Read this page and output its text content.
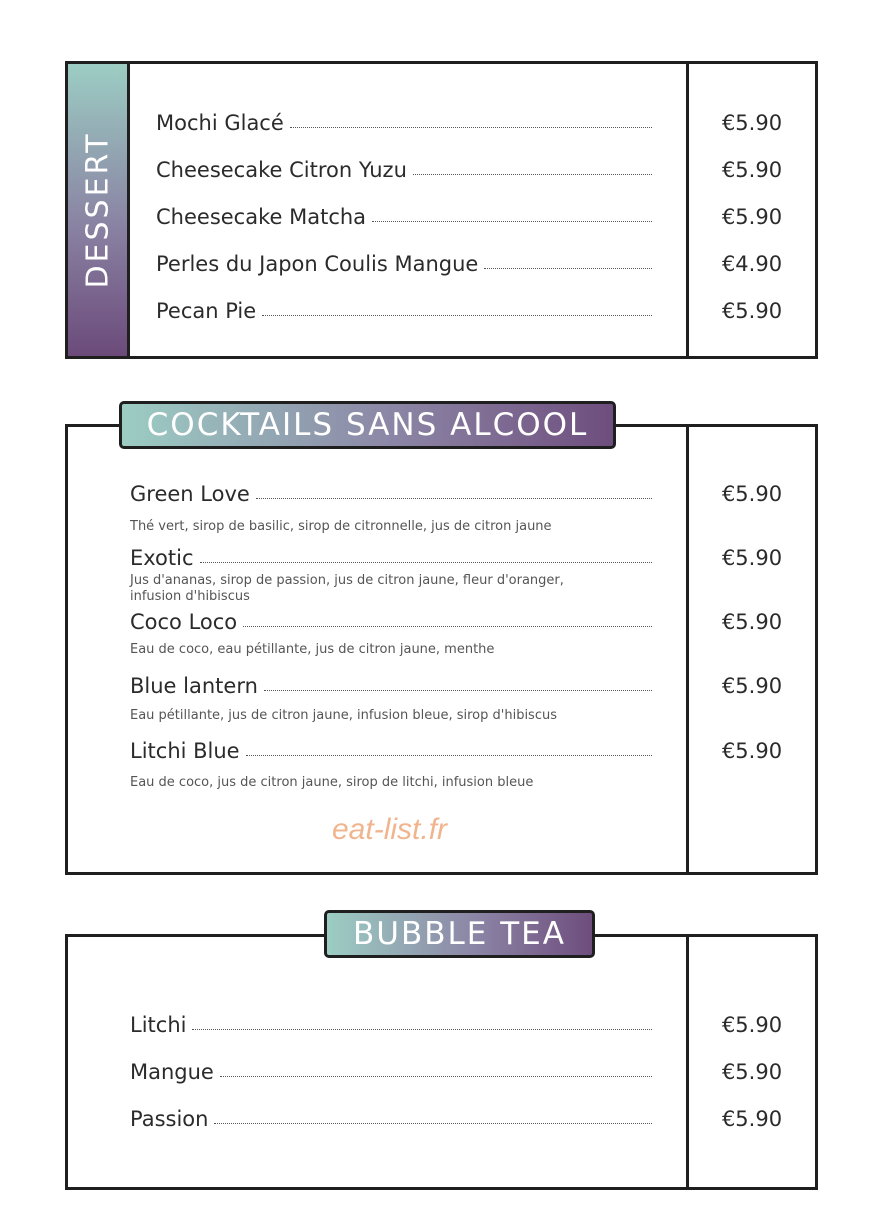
DESSERT
Mochi Glacé	€5.90
Cheesecake Citron Yuzu	€5.90
Cheesecake Matcha	€5.90
Perles du Japon Coulis Mangue	€4.90
Pecan Pie	€5.90
COCKTAILS SANS ALCOOL
Green Love	€5.90
Thé vert, sirop de basilic, sirop de citronnelle, jus de citron jaune
Exotic	€5.90
Jus d'ananas, sirop de passion, jus de citron jaune, fleur d'oranger, infusion d'hibiscus
Coco Loco	€5.90
Eau de coco, eau pétillante, jus de citron jaune, menthe
Blue lantern	€5.90
Eau pétillante, jus de citron jaune, infusion bleue, sirop d'hibiscus
Litchi Blue	€5.90
Eau de coco, jus de citron jaune, sirop de litchi, infusion bleue
eat-list.fr
BUBBLE TEA
Litchi	€5.90
Mangue	€5.90
Passion	€5.90
